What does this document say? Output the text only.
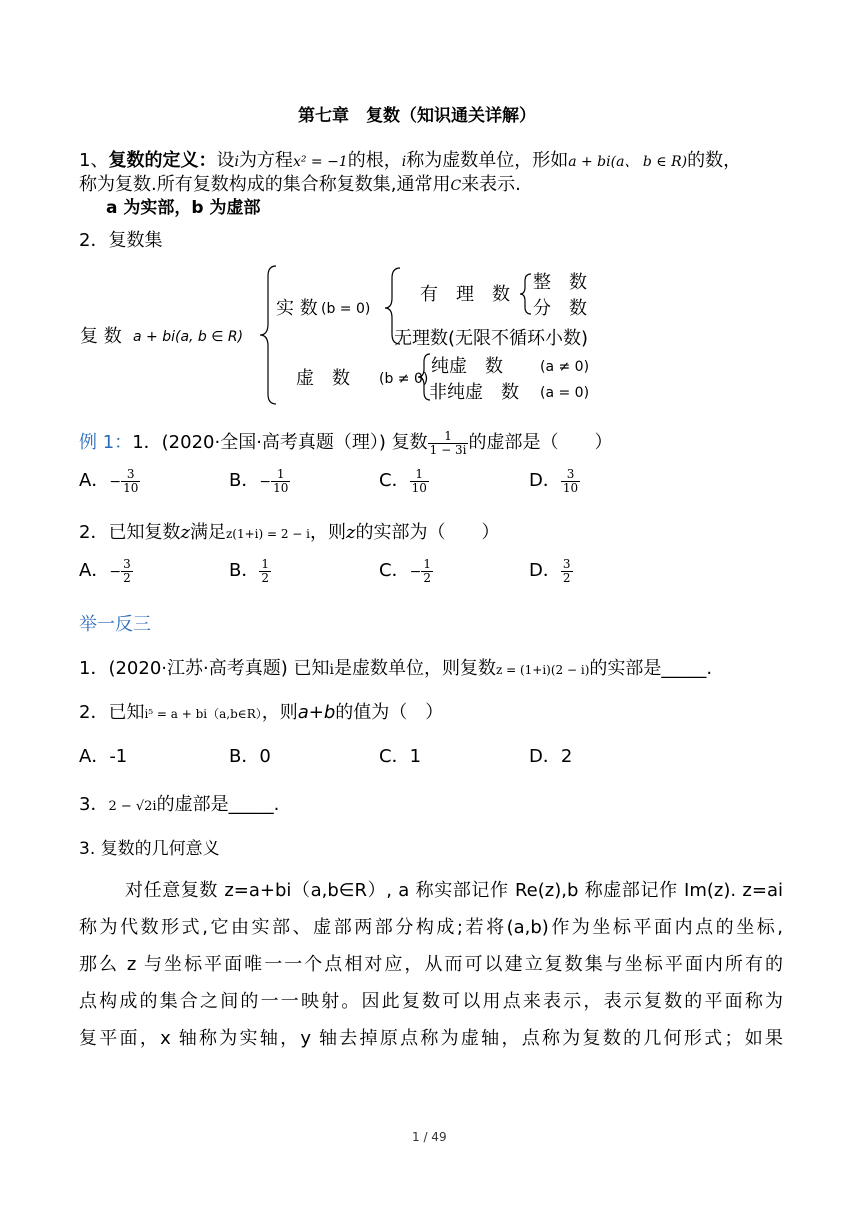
第七章　复数（知识通关详解）
1、复数的定义：设i为方程x² = −1的根，i称为虚数单位，形如a + bi(a、 b ∈ R)的数，
称为复数.所有复数构成的集合称复数集,通常用C来表示.
a 为实部，b 为虚部
2．复数集
复 数 a + bi(a, b ∈ R)
实 数 (b = 0)
有　理　数
整　数
分　数
无理数(无限不循环小数)
虚　数 (b ≠ 0)
纯虚　数	(a ≠ 0)
非纯虚　数 (a = 0)
例 1：1．(2020·全国·高考真题（理）) 复数 $\frac{1}{1 - 3i}$ 的虚部是（　　）
A．− $\frac{3}{10}$	B．− $\frac{1}{10}$	C． $\frac{1}{10}$	D． $\frac{3}{10}$
2．已知复数z满足z(1+i) = 2 − i，则z的实部为（　　）
A．− $\frac{3}{2}$	B． $\frac{1}{2}$	C．− $\frac{1}{2}$	D． $\frac{3}{2}$
举一反三
1．(2020·江苏·高考真题) 已知i是虚数单位，则复数z = (1+i)(2 − i)的实部是_____.
2．已知i⁵ = a + bi（a,b∈R），则a+b的值为（　）
A．-1	B．0	C．1	D．2
3．2 − √2i的虚部是_____.
3. 复数的几何意义

对任意复数 z=a+bi（a,b∈R）, a 称实部记作 Re(z),b 称虚部记作 Im(z). z=ai

称为代数形式,它由实部、虚部两部分构成;若将(a,b)作为坐标平面内点的坐标,

那么 z 与坐标平面唯一一个点相对应，从而可以建立复数集与坐标平面内所有的

点构成的集合之间的一一映射。因此复数可以用点来表示，表示复数的平面称为

复平面，x 轴称为实轴，y 轴去掉原点称为虚轴，点称为复数的几何形式；如果

1 / 49
